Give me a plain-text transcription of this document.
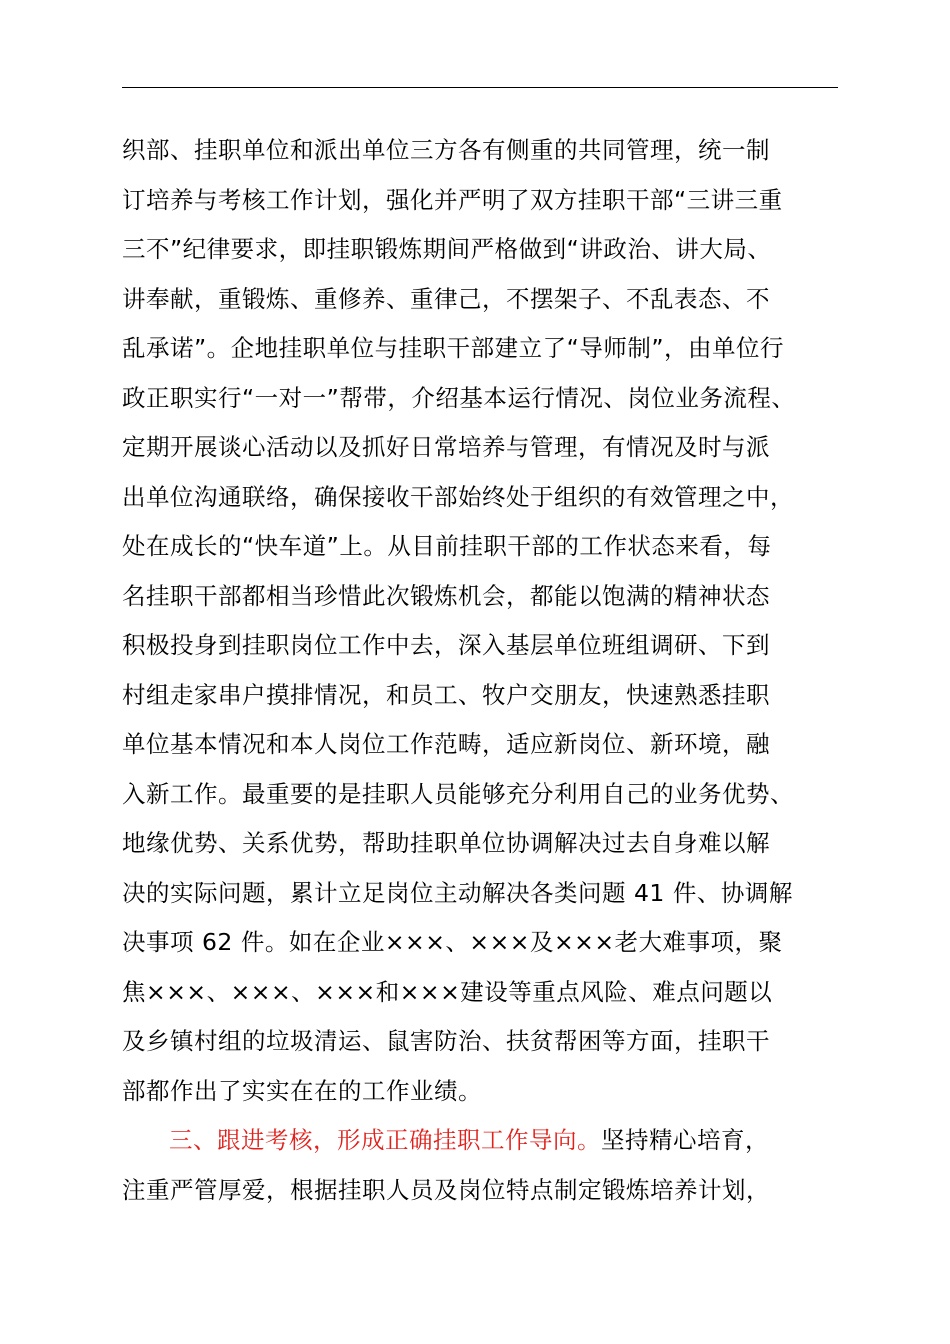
织部、挂职单位和派出单位三方各有侧重的共同管理，统一制
订培养与考核工作计划，强化并严明了双方挂职干部“三讲三重
三不”纪律要求，即挂职锻炼期间严格做到“讲政治、讲大局、
讲奉献，重锻炼、重修养、重律己，不摆架子、不乱表态、不
乱承诺”。企地挂职单位与挂职干部建立了“导师制”，由单位行
政正职实行“一对一”帮带，介绍基本运行情况、岗位业务流程、
定期开展谈心活动以及抓好日常培养与管理，有情况及时与派
出单位沟通联络，确保接收干部始终处于组织的有效管理之中，
处在成长的“快车道”上。从目前挂职干部的工作状态来看，每
名挂职干部都相当珍惜此次锻炼机会，都能以饱满的精神状态
积极投身到挂职岗位工作中去，深入基层单位班组调研、下到
村组走家串户摸排情况，和员工、牧户交朋友，快速熟悉挂职
单位基本情况和本人岗位工作范畴，适应新岗位、新环境，融
入新工作。最重要的是挂职人员能够充分利用自己的业务优势、
地缘优势、关系优势，帮助挂职单位协调解决过去自身难以解
决的实际问题，累计立足岗位主动解决各类问题 41 件、协调解
决事项 62 件。如在企业×××、×××及×××老大难事项，聚
焦×××、×××、×××和×××建设等重点风险、难点问题以
及乡镇村组的垃圾清运、鼠害防治、扶贫帮困等方面，挂职干
部都作出了实实在在的工作业绩。
三、跟进考核，形成正确挂职工作导向。坚持精心培育，
注重严管厚爱，根据挂职人员及岗位特点制定锻炼培养计划，
